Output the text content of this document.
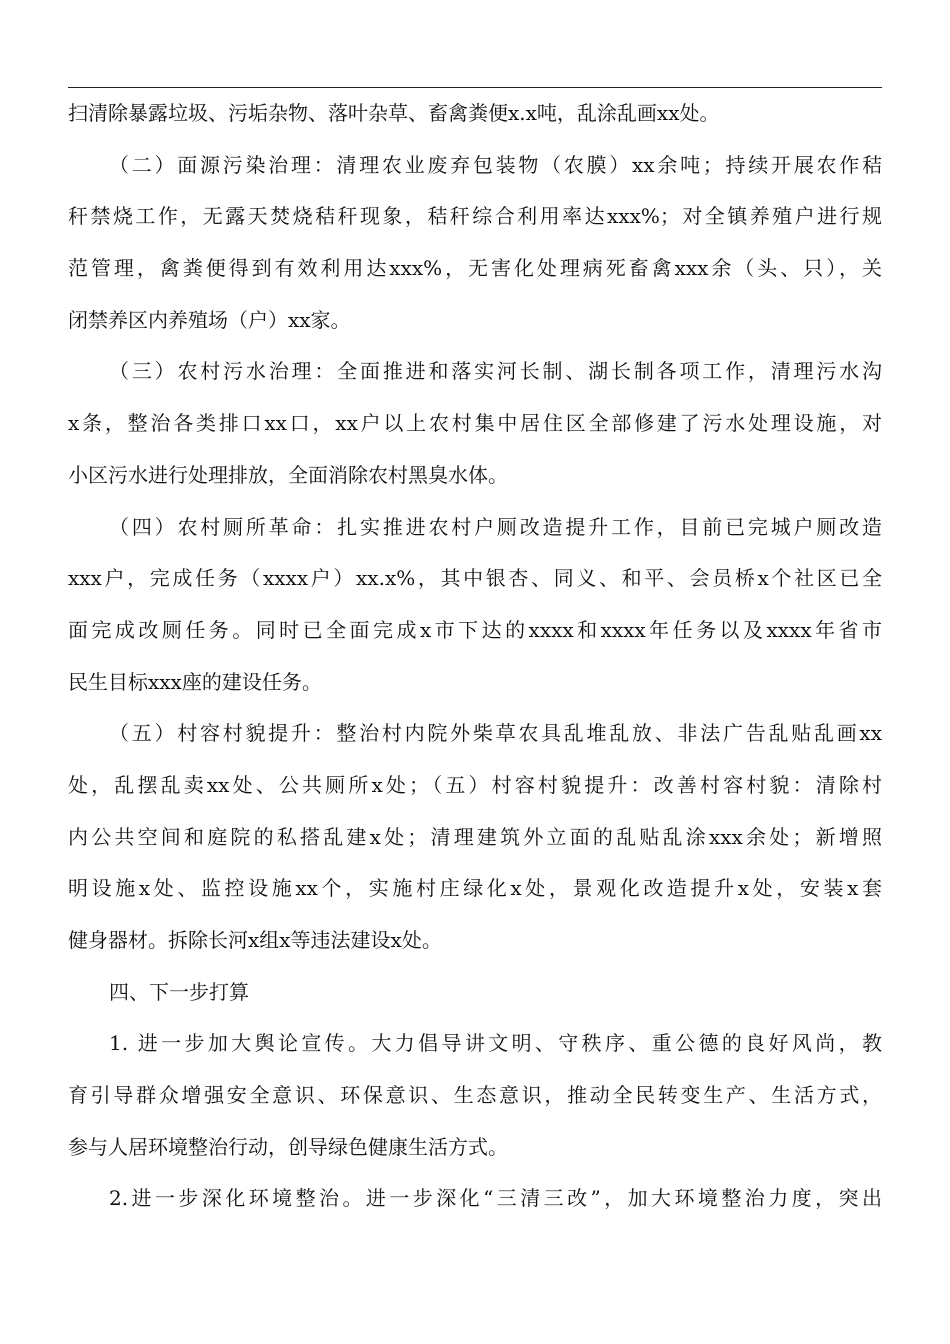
扫清除暴露垃圾、污垢杂物、落叶杂草、畜禽粪便x.x吨，乱涂乱画xx处。
（二）面源污染治理：清理农业废弃包装物（农膜）xx余吨；持续开展农作秸
秆禁烧工作，无露天焚烧秸秆现象，秸秆综合利用率达xxx%；对全镇养殖户进行规
范管理，禽粪便得到有效利用达xxx%，无害化处理病死畜禽xxx余（头、只），关
闭禁养区内养殖场（户）xx家。
（三）农村污水治理：全面推进和落实河长制、湖长制各项工作，清理污水沟
x条，整治各类排口xx口，xx户以上农村集中居住区全部修建了污水处理设施，对
小区污水进行处理排放，全面消除农村黑臭水体。
（四）农村厕所革命：扎实推进农村户厕改造提升工作，目前已完城户厕改造
xxx户，完成任务（xxxx户）xx.x%，其中银杏、同义、和平、会员桥x个社区已全
面完成改厕任务。同时已全面完成x市下达的xxxx和xxxx年任务以及xxxx年省市
民生目标xxx座的建设任务。
（五）村容村貌提升：整治村内院外柴草农具乱堆乱放、非法广告乱贴乱画xx
处，乱摆乱卖xx处、公共厕所x处；（五）村容村貌提升：改善村容村貌：清除村
内公共空间和庭院的私搭乱建x处；清理建筑外立面的乱贴乱涂xxx余处；新增照
明设施x处、监控设施xx个，实施村庄绿化x处，景观化改造提升x处，安装x套
健身器材。拆除长河x组x等违法建设x处。
四、下一步打算
1. 进一步加大舆论宣传。大力倡导讲文明、守秩序、重公德的良好风尚，教
育引导群众增强安全意识、环保意识、生态意识，推动全民转变生产、生活方式，
参与人居环境整治行动，创导绿色健康生活方式。
2.进一步深化环境整治。进一步深化“三清三改”，加大环境整治力度，突出
